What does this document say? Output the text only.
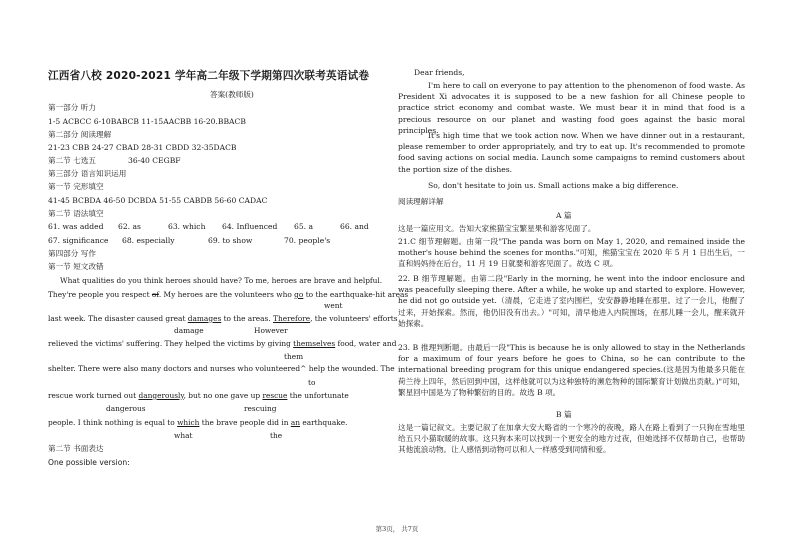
江西省八校 2020-2021 学年高二年级下学期第四次联考英语试卷
答案(教师版)
第一部分 听力
1-5 ACBCC 6-10BABCB 11-15AACBB 16-20.BBACB
第二部分 阅读理解
21-23 CBB 24-27 CBAD 28-31 CBDD 32-35DACB
第二节 七选五	36-40 CEGBF
第三部分 语言知识运用
第一节 完形填空
41-45 BCBDA 46-50 DCBDA 51-55 CABDB 56-60 CADAC
第二节 语法填空
61. was added 62. as	63. which 64. Influenced 65. a	66. and
67. significance 68. especially	69. to show	70. people's
第四部分 写作
第一节 短文改错
What qualities do you think heroes should have? To me, heroes are brave and helpful.
They're people you respect of. My heroes are the volunteers who go to the earthquake-hit areas
went
last week. The disaster caused great damages to the areas. Therefore, the volunteers' efforts
damage	However
relieved the victims' suffering. They helped the victims by giving themselves food, water and
them
shelter. There were also many doctors and nurses who volunteered^ help the wounded. The
to
rescue work turned out dangerously, but no one gave up rescue the unfortunate
dangerous	rescuing
people. I think nothing is equal to which the brave people did in an earthquake.
what	the
第二节 书面表达
One possible version:
Dear friends,
I'm here to call on everyone to pay attention to the phenomenon of food waste. As President Xi advocates it is supposed to be a new fashion for all Chinese people to practice strict economy and combat waste. We must bear it in mind that food is a precious resource on our planet and wasting food goes against the basic moral principles.
It's high time that we took action now. When we have dinner out in a restaurant, please remember to order appropriately, and try to eat up. It's recommended to promote food saving actions on social media. Launch some campaigns to remind customers about the portion size of the dishes.
So, don't hesitate to join us. Small actions make a big difference.
阅读理解详解
A 篇
这是一篇应用文。告知大家熊猫宝宝繁星果和游客见面了。
21.C 细节理解题。由第一段"The panda was born on May 1, 2020, and remained inside the mother's house behind the scenes for months."可知，熊猫宝宝在 2020 年 5 月 1 日出生后，一直和妈妈待在后台，11 月 19 日就要和游客见面了。故选 C 项。
22. B 细节理解题。由第二段"Early in the morning, he went into the indoor enclosure and was peacefully sleeping there. After a while, he woke up and started to explore. However, he did not go outside yet.（清晨，它走进了室内围栏，安安静静地睡在那里。过了一会儿，他醒了过来，开始探索。然而，他仍旧没有出去。）"可知，清早他进入内院围场，在那儿睡一会儿，醒来就开始探索。
23. B 推理判断题。由最后一段"This is because he is only allowed to stay in the Netherlands for a maximum of four years before he goes to China, so he can contribute to the international breeding program for this unique endangered species.(这是因为他最多只能在荷兰待上四年，然后回到中国，这样他就可以为这种独特的濒危物种的国际繁育计划做出贡献。)"可知，繁星回中国是为了物种繁衍的目的。故选 B 项。
B 篇
这是一篇记叙文。主要记叙了在加拿大安大略省的一个寒冷的夜晚，路人在路上看到了一只狗在雪地里给五只小猫取暖的故事。这只狗本来可以找到一个更安全的地方过夜，但她选择不仅帮助自己，也帮助其他流浪动物。让人感悟到动物可以和人一样感受到同情和爱。
第3页， 共7页
